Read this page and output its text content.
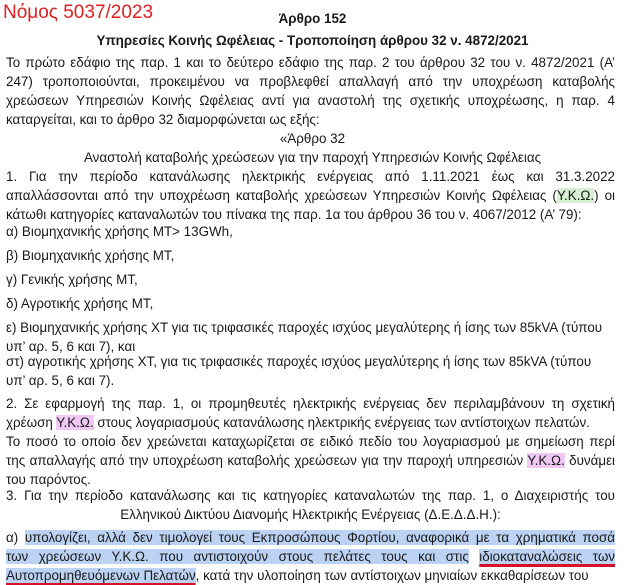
Νόμος 5037/2023	Άρθρο 152
Υπηρεσίες Κοινής Ωφέλειας - Τροποποίηση άρθρου 32 ν. 4872/2021
Το πρώτο εδάφιο της παρ. 1 και το δεύτερο εδάφιο της παρ. 2 του άρθρου 32 του ν. 4872/2021 (Α’
247) τροποποιούνται, προκειμένου να προβλεφθεί απαλλαγή από την υποχρέωση καταβολής
χρεώσεων Υπηρεσιών Κοινής Ωφέλειας αντί για αναστολή της σχετικής υποχρέωσης, η παρ. 4
καταργείται, και το άρθρο 32 διαμορφώνεται ως εξής:
«Άρθρο 32
Αναστολή καταβολής χρεώσεων για την παροχή Υπηρεσιών Κοινής Ωφέλειας
1. Για την περίοδο κατανάλωσης ηλεκτρικής ενέργειας από 1.11.2021 έως και 31.3.2022
απαλλάσσονται από την υποχρέωση καταβολής χρεώσεων Υπηρεσιών Κοινής Ωφέλειας (Υ.Κ.Ω.) οι
κάτωθι κατηγορίες καταναλωτών του πίνακα της παρ. 1α του άρθρου 36 του ν. 4067/2012 (Α’ 79):
α) Βιομηχανικής χρήσης ΜΤ> 13GWh,
β) Βιομηχανικής χρήσης ΜΤ,
γ) Γενικής χρήσης ΜΤ,
δ) Αγροτικής χρήσης ΜΤ,
ε) Βιομηχανικής χρήσης ΧΤ για τις τριφασικές παροχές ισχύος μεγαλύτερης ή ίσης των 85kVA (τύπου
υπ’ αρ. 5, 6 και 7), και
στ) αγροτικής χρήσης ΧΤ, για τις τριφασικές παροχές ισχύος μεγαλύτερης ή ίσης των 85kVA (τύπου
υπ’ αρ. 5, 6 και 7).
2. Σε εφαρμογή της παρ. 1, οι προμηθευτές ηλεκτρικής ενέργειας δεν περιλαμβάνουν τη σχετική
χρέωση Υ.Κ.Ω. στους λογαριασμούς κατανάλωσης ηλεκτρικής ενέργειας των αντίστοιχων πελατών.
Το ποσό το οποίο δεν χρεώνεται καταχωρίζεται σε ειδικό πεδίο του λογαριασμού με σημείωση περί
της απαλλαγής από την υποχρέωση καταβολής χρεώσεων για την παροχή υπηρεσιών Υ.Κ.Ω. δυνάμει
του παρόντος.
3. Για την περίοδο κατανάλωσης και τις κατηγορίες καταναλωτών της παρ. 1, ο Διαχειριστής του
Ελληνικού Δικτύου Διανομής Ηλεκτρικής Ενέργειας (Δ.Ε.Δ.Δ.Η.):
α) υπολογίζει, αλλά δεν τιμολογεί τους Εκπροσώπους Φορτίου, αναφορικά με τα χρηματικά ποσά
των χρεώσεων Υ.Κ.Ω. που αντιστοιχούν στους πελάτες τους και στις ιδιοκαταναλώσεις των
Αυτοπρομηθευόμενων Πελατών, κατά την υλοποίηση των αντίστοιχων μηνιαίων εκκαθαρίσεων του
